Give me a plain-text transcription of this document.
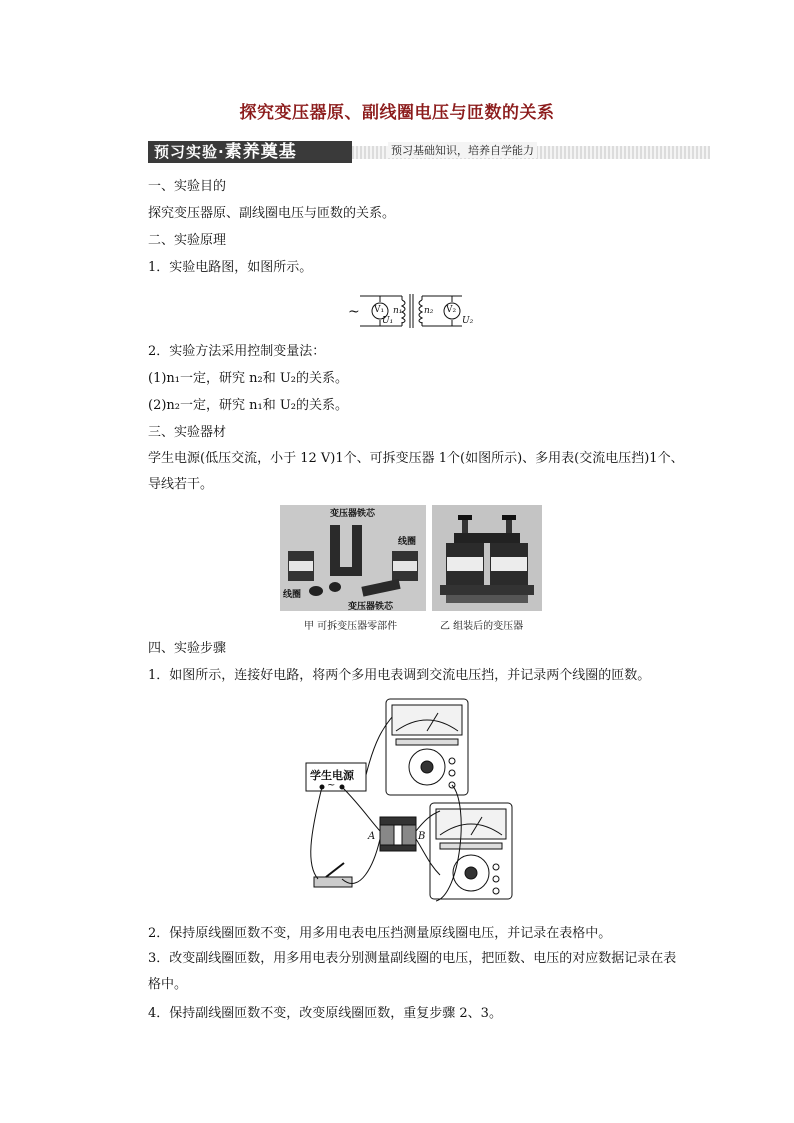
探究变压器原、副线圈电压与匝数的关系
预习实验·素养奠基	预习基础知识，培养自学能力
一、实验目的
探究变压器原、副线圈电压与匝数的关系。
二、实验原理
1．实验电路图，如图所示。
~ V₁ n₁
U₁
n₂ V₂
U₂
2．实验方法采用控制变量法：
(1)n₁一定，研究 n₂和 U₂的关系。
(2)n₂一定，研究 n₁和 U₂的关系。
三、实验器材
学生电源(低压交流，小于 12 V)1个、可拆变压器 1个(如图所示)、多用表(交流电压挡)1个、导线若干。
变压器铁芯
线圈
线圈
变压器铁芯
甲 可拆变压器零部件	乙 组装后的变压器
四、实验步骤
1．如图所示，连接好电路，将两个多用电表调到交流电压挡，并记录两个线圈的匝数。
学生电源
~
A	B
2．保持原线圈匝数不变，用多用电表电压挡测量原线圈电压，并记录在表格中。
3．改变副线圈匝数，用多用电表分别测量副线圈的电压，把匝数、电压的对应数据记录在表格中。
4．保持副线圈匝数不变，改变原线圈匝数，重复步骤 2、3。
